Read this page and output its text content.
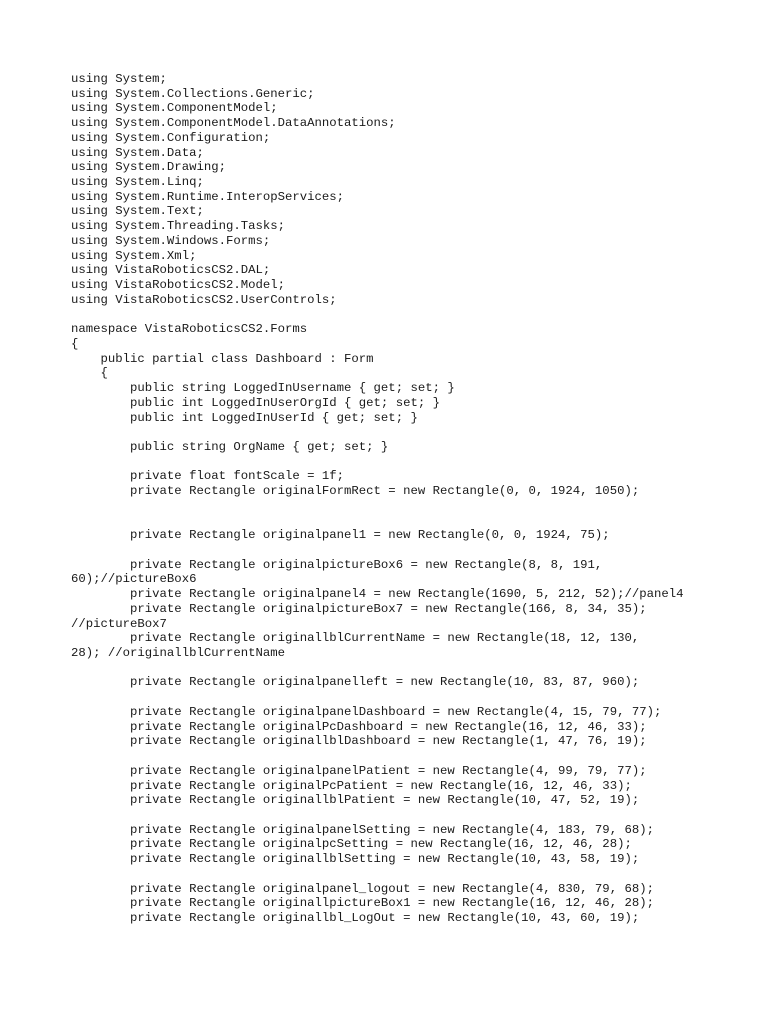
using System;
using System.Collections.Generic;
using System.ComponentModel;
using System.ComponentModel.DataAnnotations;
using System.Configuration;
using System.Data;
using System.Drawing;
using System.Linq;
using System.Runtime.InteropServices;
using System.Text;
using System.Threading.Tasks;
using System.Windows.Forms;
using System.Xml;
using VistaRoboticsCS2.DAL;
using VistaRoboticsCS2.Model;
using VistaRoboticsCS2.UserControls;
namespace VistaRoboticsCS2.Forms
{
public partial class Dashboard : Form
{
public string LoggedInUsername { get; set; }
public int LoggedInUserOrgId { get; set; }
public int LoggedInUserId { get; set; }
public string OrgName { get; set; }
private float fontScale = 1f;
private Rectangle originalFormRect = new Rectangle(0, 0, 1924, 1050);
private Rectangle originalpanel1 = new Rectangle(0, 0, 1924, 75);
private Rectangle originalpictureBox6 = new Rectangle(8, 8, 191,
60);//pictureBox6
private Rectangle originalpanel4 = new Rectangle(1690, 5, 212, 52);//panel4
private Rectangle originalpictureBox7 = new Rectangle(166, 8, 34, 35);
//pictureBox7
private Rectangle originallblCurrentName = new Rectangle(18, 12, 130,
28); //originallblCurrentName
private Rectangle originalpanelleft = new Rectangle(10, 83, 87, 960);
private Rectangle originalpanelDashboard = new Rectangle(4, 15, 79, 77);
private Rectangle originalPcDashboard = new Rectangle(16, 12, 46, 33);
private Rectangle originallblDashboard = new Rectangle(1, 47, 76, 19);
private Rectangle originalpanelPatient = new Rectangle(4, 99, 79, 77);
private Rectangle originalPcPatient = new Rectangle(16, 12, 46, 33);
private Rectangle originallblPatient = new Rectangle(10, 47, 52, 19);
private Rectangle originalpanelSetting = new Rectangle(4, 183, 79, 68);
private Rectangle originalpcSetting = new Rectangle(16, 12, 46, 28);
private Rectangle originallblSetting = new Rectangle(10, 43, 58, 19);
private Rectangle originalpanel_logout = new Rectangle(4, 830, 79, 68);
private Rectangle originallpictureBox1 = new Rectangle(16, 12, 46, 28);
private Rectangle originallbl_LogOut = new Rectangle(10, 43, 60, 19);
